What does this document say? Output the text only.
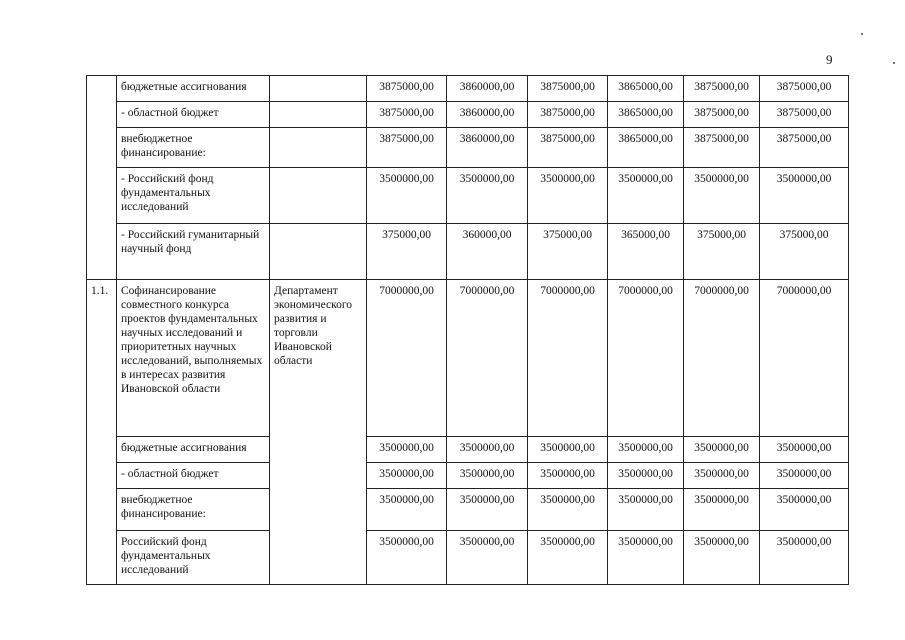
9
	бюджетные ассигнования		3875000,00	3860000,00	3875000,00	3865000,00	3875000,00	3875000,00
	- областной бюджет		3875000,00	3860000,00	3875000,00	3865000,00	3875000,00	3875000,00
	внебюджетное финансирование:		3875000,00	3860000,00	3875000,00	3865000,00	3875000,00	3875000,00
	- Российский фонд фундаментальных исследований		3500000,00	3500000,00	3500000,00	3500000,00	3500000,00	3500000,00
	- Российский гуманитарный научный фонд		375000,00	360000,00	375000,00	365000,00	375000,00	375000,00
1.1.	Софинансирование совместного конкурса проектов фундаментальных научных исследований и приоритетных научных исследований, выполняемых в интересах развития Ивановской области	Департамент экономического развития и торговли Ивановской области	7000000,00	7000000,00	7000000,00	7000000,00	7000000,00	7000000,00
	бюджетные ассигнования		3500000,00	3500000,00	3500000,00	3500000,00	3500000,00	3500000,00
	- областной бюджет		3500000,00	3500000,00	3500000,00	3500000,00	3500000,00	3500000,00
	внебюджетное финансирование:		3500000,00	3500000,00	3500000,00	3500000,00	3500000,00	3500000,00
	Российский фонд фундаментальных исследований		3500000,00	3500000,00	3500000,00	3500000,00	3500000,00	3500000,00
